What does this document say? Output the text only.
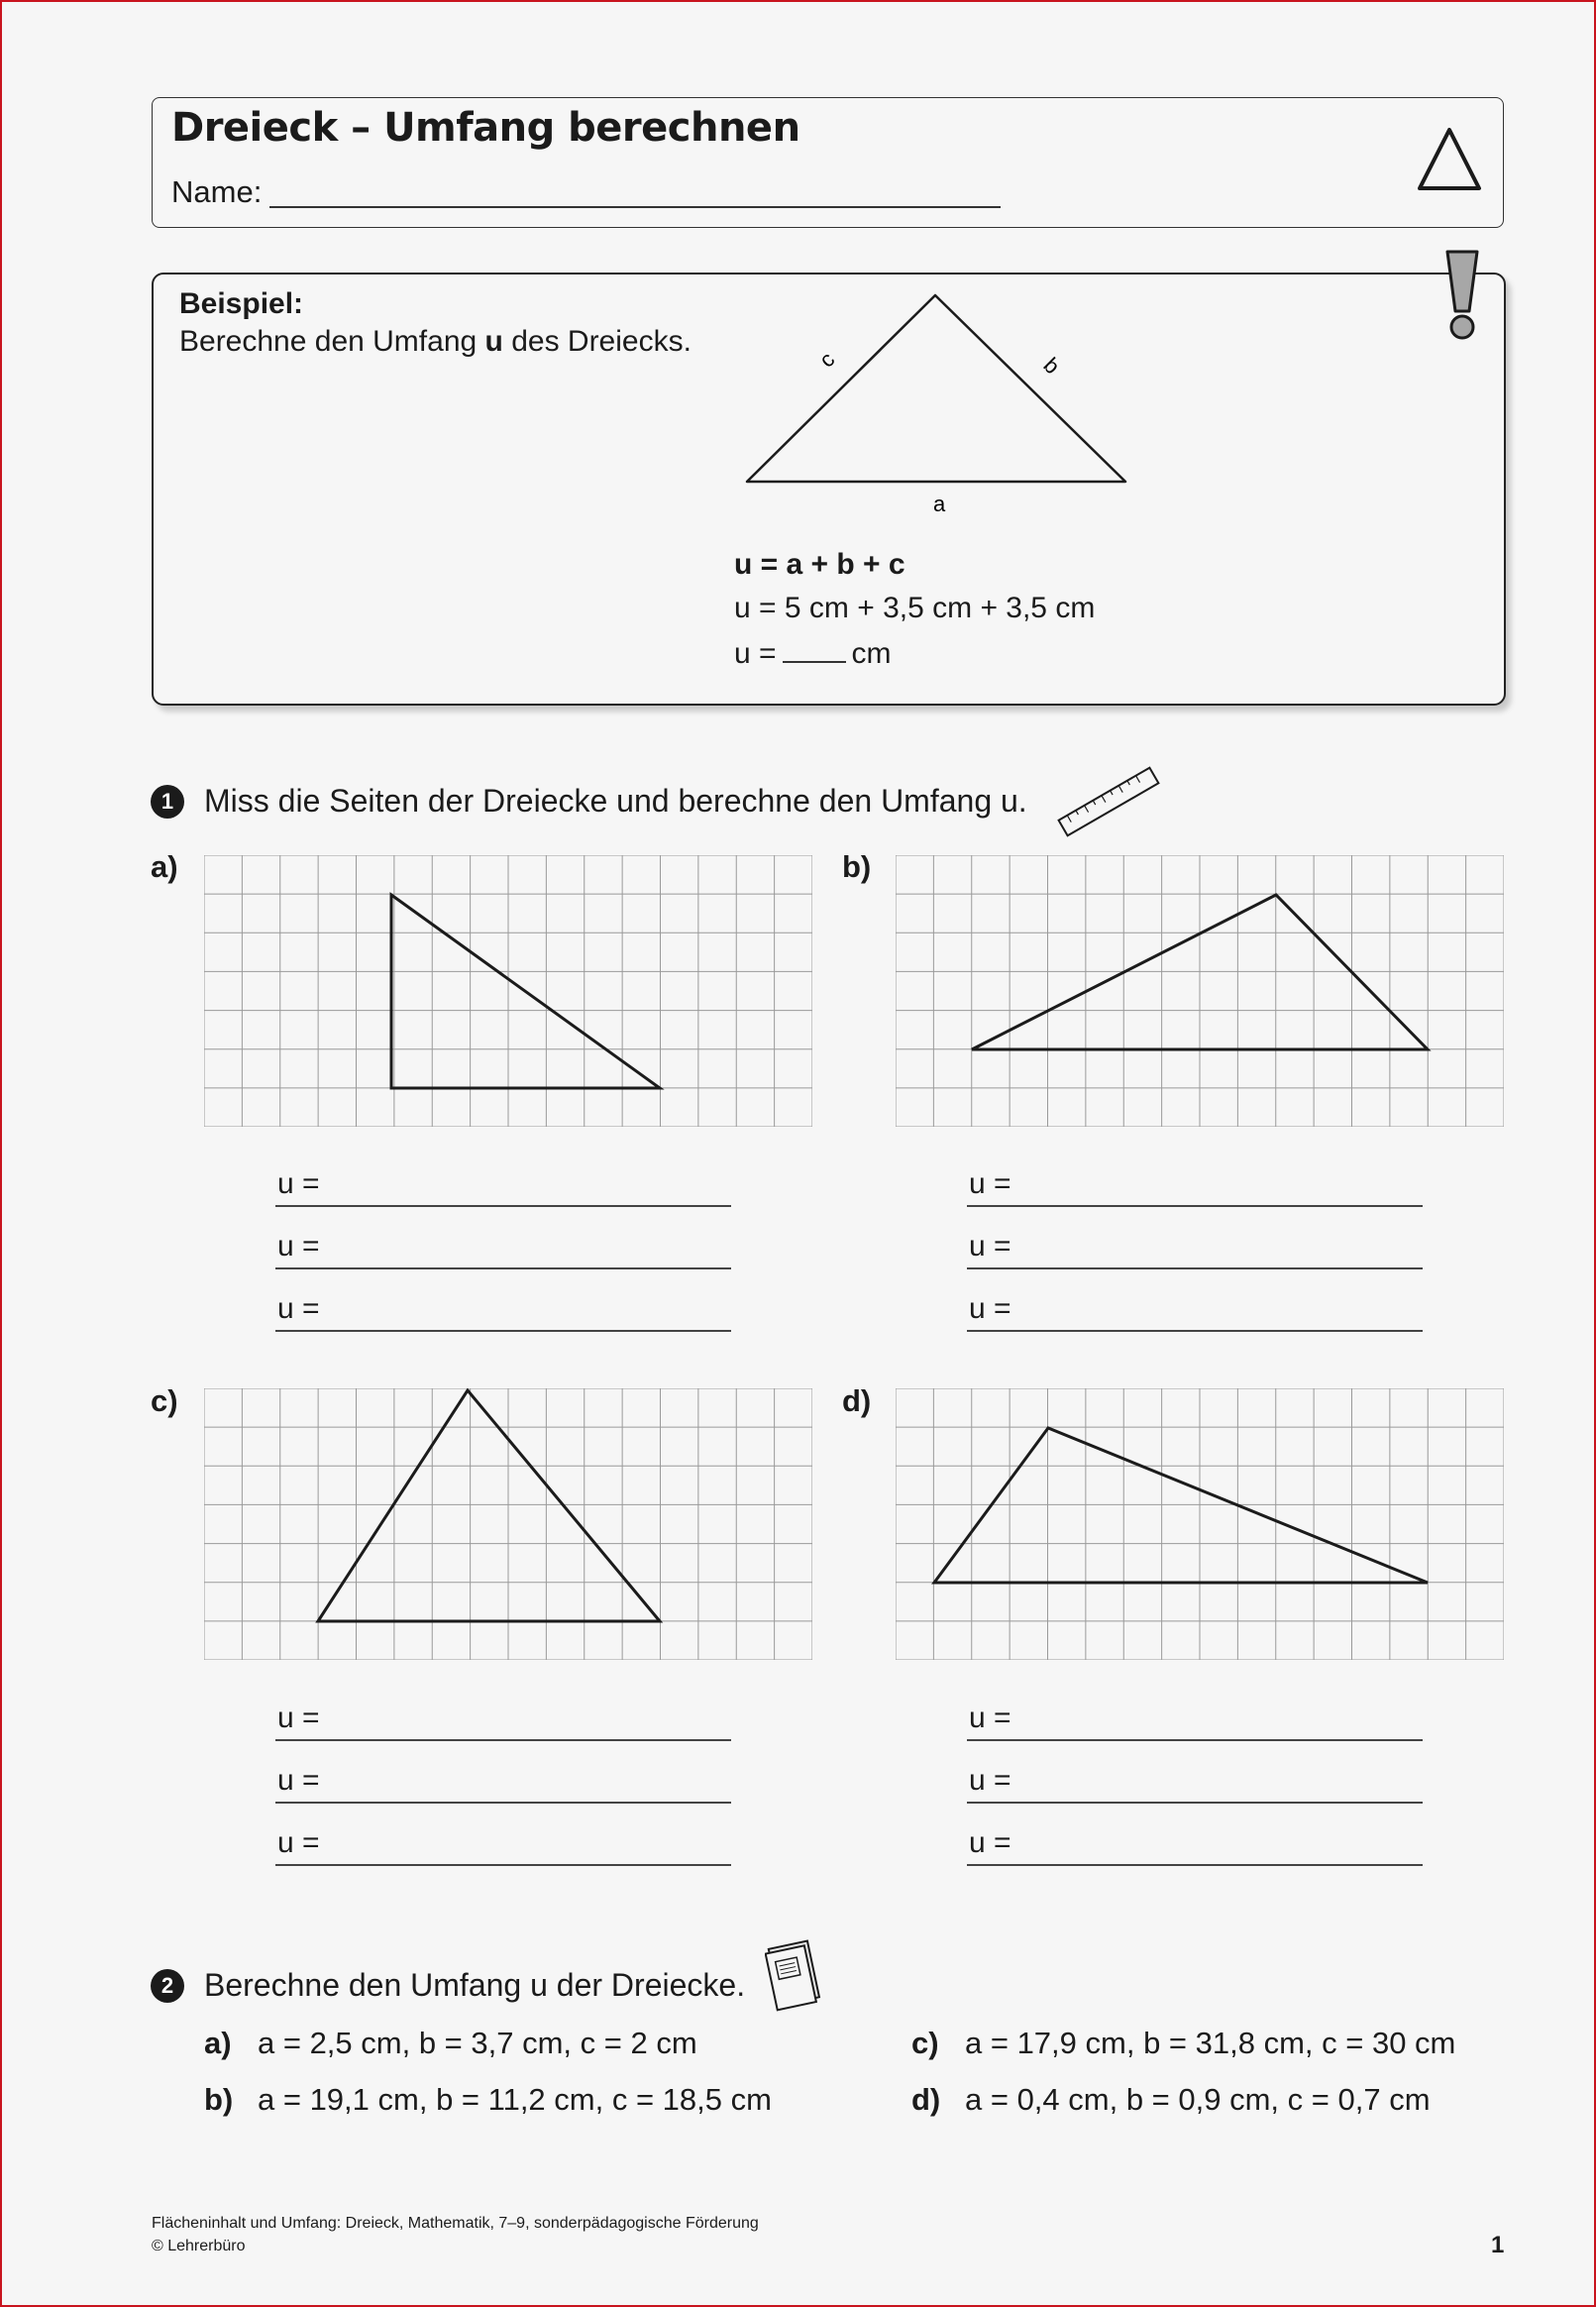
Dreieck – Umfang berechnen
Name:
Beispiel:
Berechne den Umfang u des Dreiecks.
c	b
a
u = a + b + c
u = 5 cm + 3,5 cm + 3,5 cm
u =	cm
1 Miss die Seiten der Dreiecke und berechne den Umfang u.
a)	b)
c)	d)
u =
u =
u =
u =
u =
u =
u =
u =
u =
u =
u =
u =
2 Berechne den Umfang u der Dreiecke.
a) a = 2,5 cm, b = 3,7 cm, c = 2 cm
b) a = 19,1 cm, b = 11,2 cm, c = 18,5 cm
c) a = 17,9 cm, b = 31,8 cm, c = 30 cm
d) a = 0,4 cm, b = 0,9 cm, c = 0,7 cm
Flächeninhalt und Umfang: Dreieck, Mathematik, 7–9, sonderpädagogische Förderung
© Lehrerbüro	1
